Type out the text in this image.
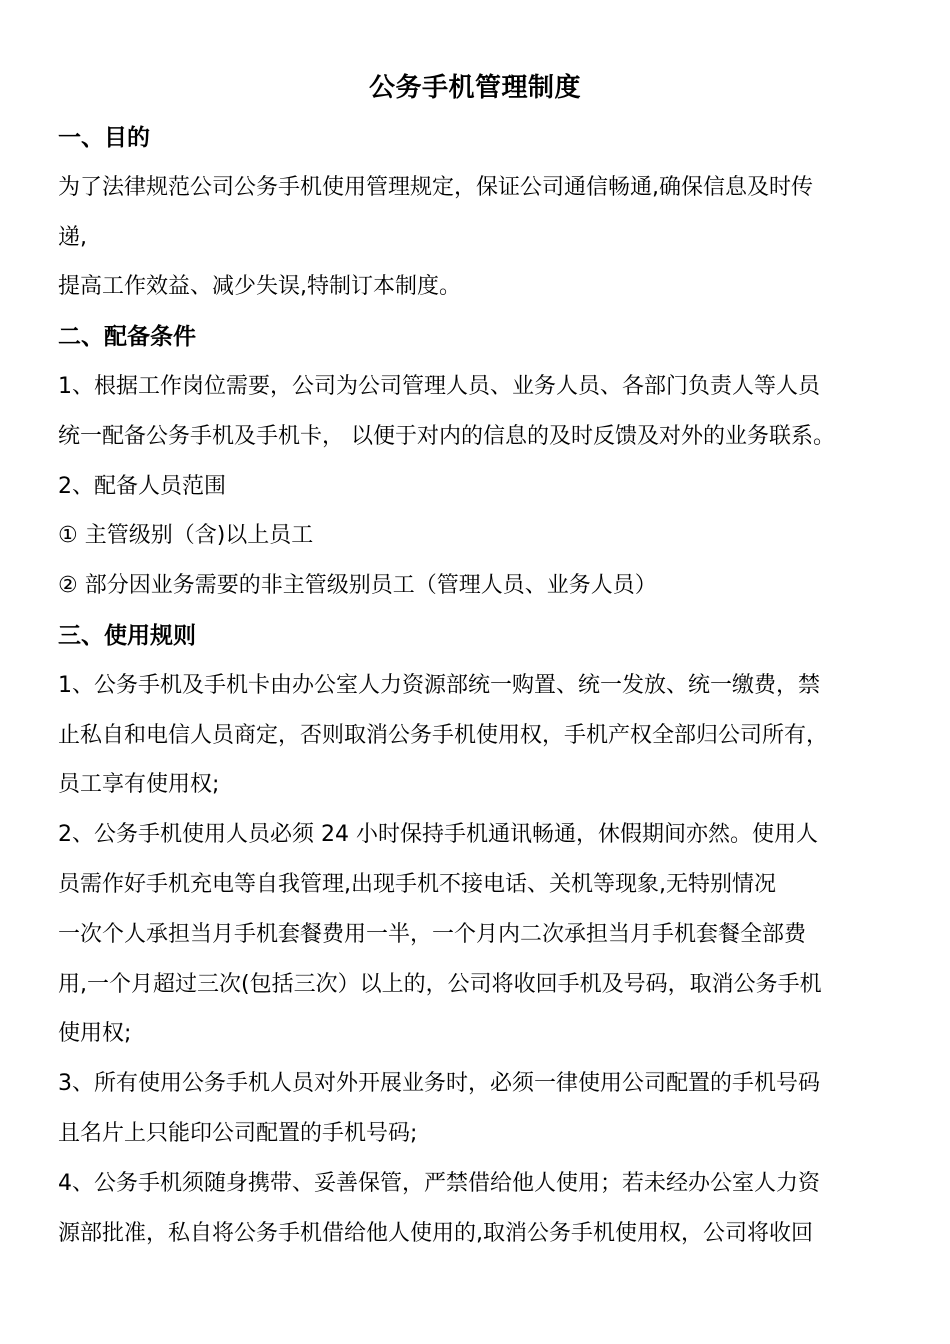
公务手机管理制度
一、目的
为了法律规范公司公务手机使用管理规定，保证公司通信畅通,确保信息及时传
递,
提高工作效益、减少失误,特制订本制度。
二、配备条件
1、根据工作岗位需要，公司为公司管理人员、业务人员、各部门负责人等人员
统一配备公务手机及手机卡， 以便于对内的信息的及时反馈及对外的业务联系。
2、配备人员范围
① 主管级别（含)以上员工
② 部分因业务需要的非主管级别员工（管理人员、业务人员）
三、使用规则
1、公务手机及手机卡由办公室人力资源部统一购置、统一发放、统一缴费，禁
止私自和电信人员商定，否则取消公务手机使用权，手机产权全部归公司所有，
员工享有使用权;
2、公务手机使用人员必须 24 小时保持手机通讯畅通，休假期间亦然。使用人
员需作好手机充电等自我管理,出现手机不接电话、关机等现象,无特别情况
一次个人承担当月手机套餐费用一半，一个月内二次承担当月手机套餐全部费
用,一个月超过三次(包括三次）以上的，公司将收回手机及号码，取消公务手机
使用权;
3、所有使用公务手机人员对外开展业务时，必须一律使用公司配置的手机号码
且名片上只能印公司配置的手机号码;
4、公务手机须随身携带、妥善保管，严禁借给他人使用；若未经办公室人力资
源部批准，私自将公务手机借给他人使用的,取消公务手机使用权，公司将收回
